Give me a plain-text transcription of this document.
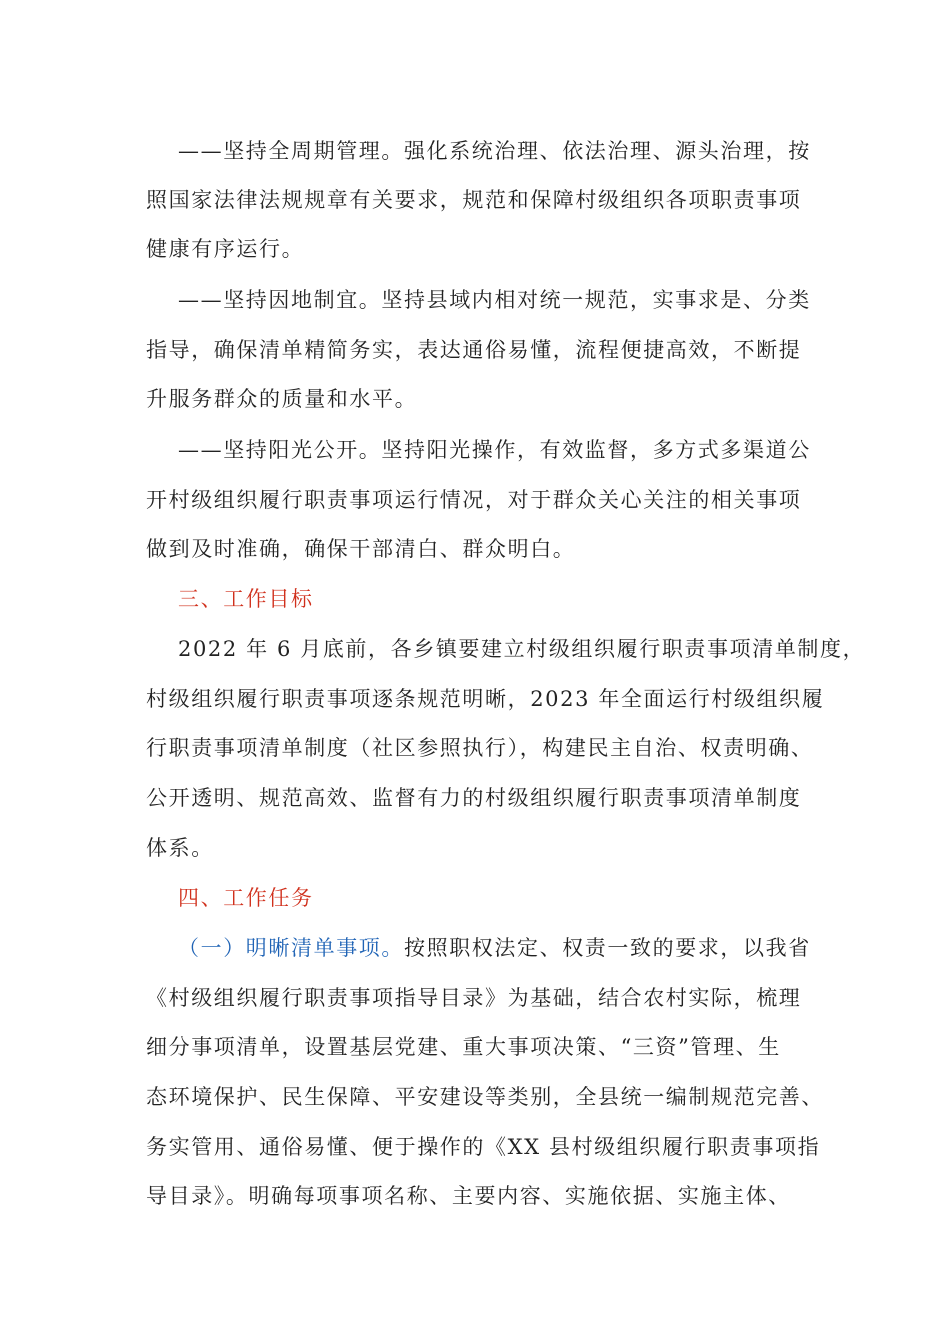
——坚持全周期管理。强化系统治理、依法治理、源头治理，按
照国家法律法规规章有关要求，规范和保障村级组织各项职责事项
健康有序运行。
——坚持因地制宜。坚持县域内相对统一规范，实事求是、分类
指导，确保清单精简务实，表达通俗易懂，流程便捷高效，不断提
升服务群众的质量和水平。
——坚持阳光公开。坚持阳光操作，有效监督，多方式多渠道公
开村级组织履行职责事项运行情况，对于群众关心关注的相关事项
做到及时准确，确保干部清白、群众明白。
三、工作目标
2022 年 6 月底前，各乡镇要建立村级组织履行职责事项清单制度，
村级组织履行职责事项逐条规范明晰，2023 年全面运行村级组织履
行职责事项清单制度（社区参照执行），构建民主自治、权责明确、
公开透明、规范高效、监督有力的村级组织履行职责事项清单制度
体系。
四、工作任务
（一）明晰清单事项。按照职权法定、权责一致的要求，以我省
《村级组织履行职责事项指导目录》为基础，结合农村实际，梳理
细分事项清单，设置基层党建、重大事项决策、“三资”管理、生
态环境保护、民生保障、平安建设等类别，全县统一编制规范完善、
务实管用、通俗易懂、便于操作的《XX 县村级组织履行职责事项指
导目录》。明确每项事项名称、主要内容、实施依据、实施主体、
